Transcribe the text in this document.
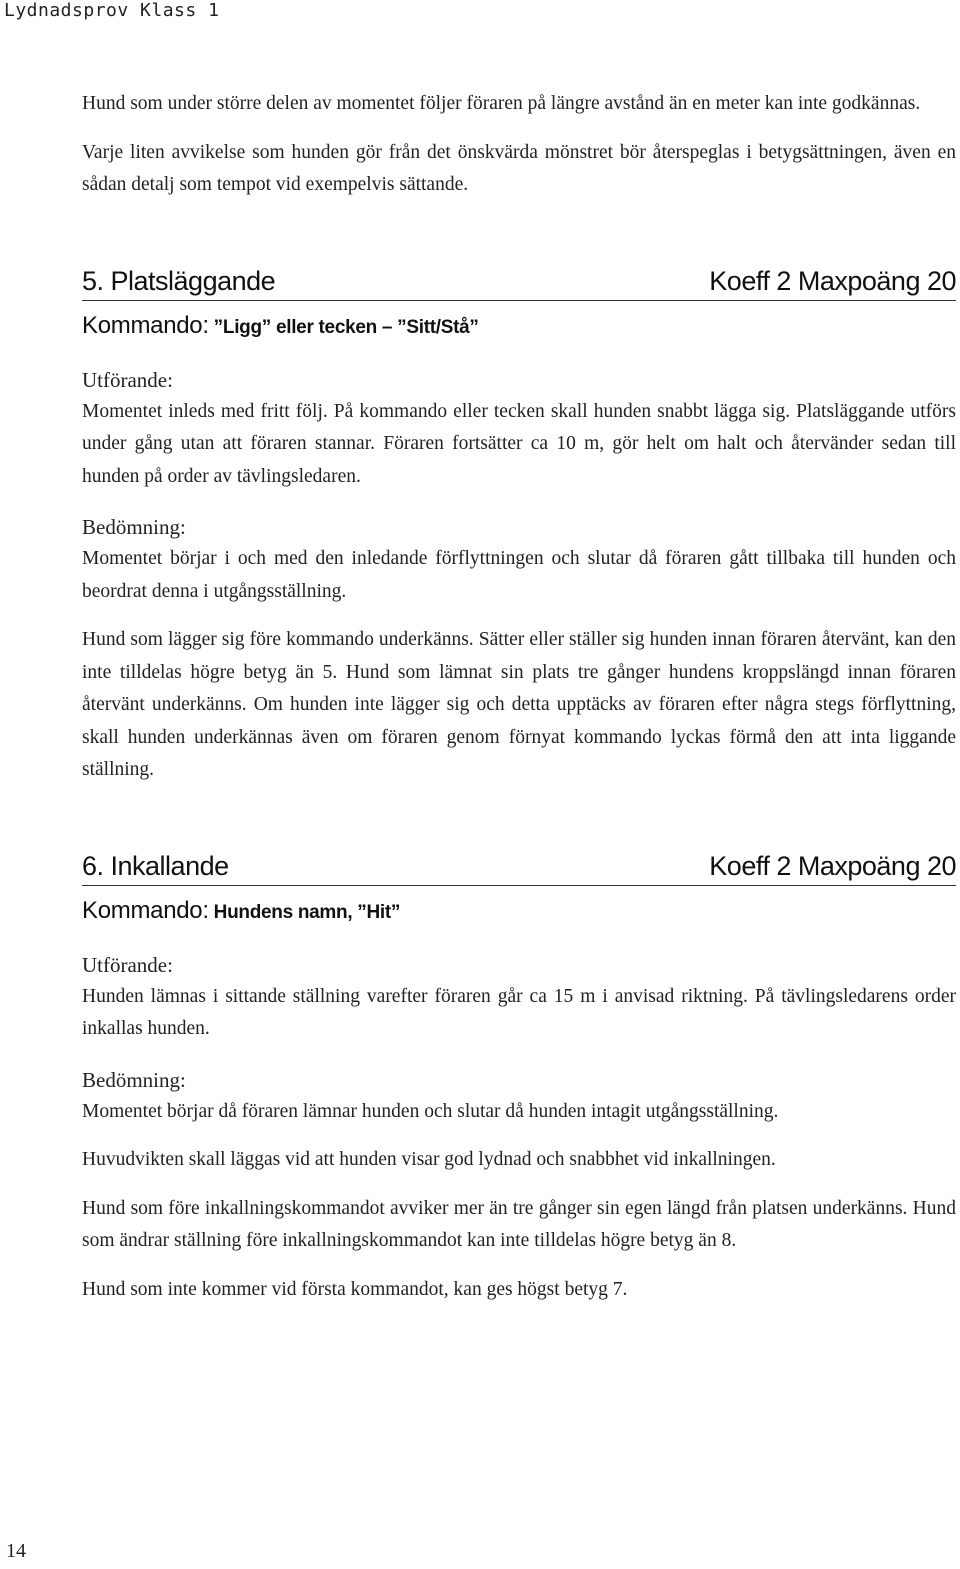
Lydnadsprov Klass 1

Hund som under större delen av momentet följer föraren på längre avstånd än en meter kan inte godkännas.

Varje liten avvikelse som hunden gör från det önskvärda mönstret bör återspeglas i betygsättningen, även en sådan detalj som tempot vid exempelvis sättande.

5. Platsläggande	Koeff 2 Maxpoäng 20
Kommando: ”Ligg” eller tecken – ”Sitt/Stå”
Utförande:

Momentet inleds med fritt följ. På kommando eller tecken skall hunden snabbt lägga sig. Platsläggande utförs under gång utan att föraren stannar. Föraren fortsätter ca 10 m, gör helt om halt och återvänder sedan till hunden på order av tävlingsledaren.

Bedömning:

Momentet börjar i och med den inledande förflyttningen och slutar då föraren gått tillbaka till hunden och beordrat denna i utgångsställning.

Hund som lägger sig före kommando underkänns. Sätter eller ställer sig hunden innan föraren återvänt, kan den inte tilldelas högre betyg än 5. Hund som lämnat sin plats tre gånger hundens kroppslängd innan föraren återvänt underkänns. Om hunden inte lägger sig och detta upptäcks av föraren efter några stegs förflyttning, skall hunden underkännas även om föraren genom förnyat kommando lyckas förmå den att inta liggande ställning.

6. Inkallande	Koeff 2 Maxpoäng 20
Kommando: Hundens namn, ”Hit”
Utförande:

Hunden lämnas i sittande ställning varefter föraren går ca 15 m i anvisad riktning. På tävlingsledarens order inkallas hunden.

Bedömning:

Momentet börjar då föraren lämnar hunden och slutar då hunden intagit utgångsställning.

Huvudvikten skall läggas vid att hunden visar god lydnad och snabbhet vid inkallningen.

Hund som före inkallningskommandot avviker mer än tre gånger sin egen längd från platsen underkänns. Hund som ändrar ställning före inkallningskommandot kan inte tilldelas högre betyg än 8.

Hund som inte kommer vid första kommandot, kan ges högst betyg 7.

14
